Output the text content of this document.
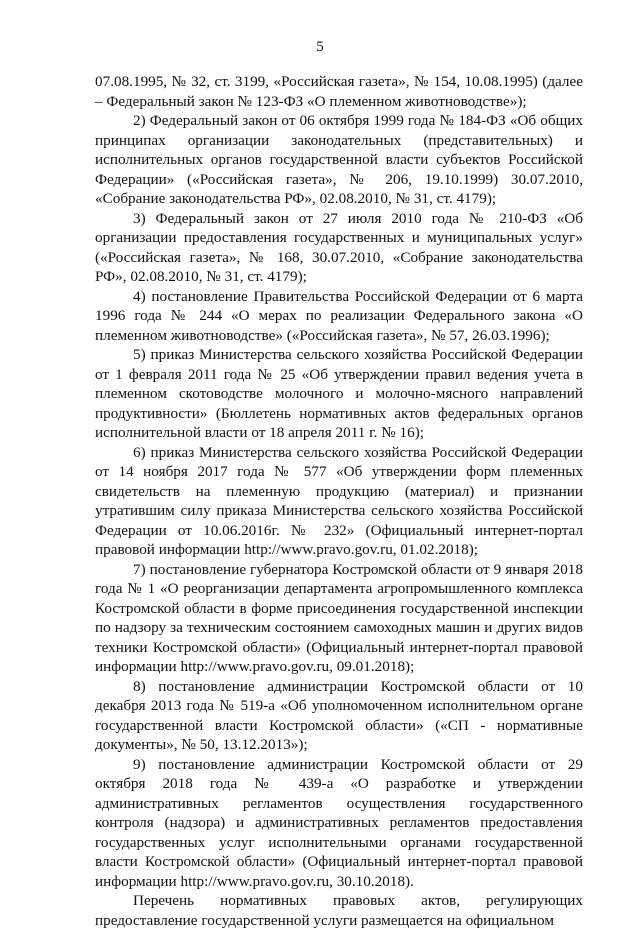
5

07.08.1995, № 32, ст. 3199, «Российская газета», № 154, 10.08.1995) (далее – Федеральный закон № 123-ФЗ «О племенном животноводстве»);

2) Федеральный закон от 06 октября 1999 года № 184-ФЗ «Об общих принципах организации законодательных (представительных) и исполнительных органов государственной власти субъектов Российской Федерации» («Российская газета», № 206, 19.10.1999) 30.07.2010, «Собрание законодательства РФ», 02.08.2010, № 31, ст. 4179);

3) Федеральный закон от 27 июля 2010 года № 210-ФЗ «Об организации предоставления государственных и муниципальных услуг» («Российская газета», № 168, 30.07.2010, «Собрание законодательства РФ», 02.08.2010, № 31, ст. 4179);

4) постановление Правительства Российской Федерации от 6 марта 1996 года № 244 «О мерах по реализации Федерального закона «О племенном животноводстве» («Российская газета», № 57, 26.03.1996);

5) приказ Министерства сельского хозяйства Российской Федерации от 1 февраля 2011 года № 25 «Об утверждении правил ведения учета в племенном скотоводстве молочного и молочно-мясного направлений продуктивности» (Бюллетень нормативных актов федеральных органов исполнительной власти от 18 апреля 2011 г. № 16);

6) приказ Министерства сельского хозяйства Российской Федерации от 14 ноября 2017 года № 577 «Об утверждении форм племенных свидетельств на племенную продукцию (материал) и признании утратившим силу приказа Министерства сельского хозяйства Российской Федерации от 10.06.2016г. № 232» (Официальный интернет-портал правовой информации http://www.pravo.gov.ru, 01.02.2018);

7) постановление губернатора Костромской области от 9 января 2018 года № 1 «О реорганизации департамента агропромышленного комплекса Костромской области в форме присоединения государственной инспекции по надзору за техническим состоянием самоходных машин и других видов техники Костромской области» (Официальный интернет-портал правовой информации http://www.pravo.gov.ru, 09.01.2018);

8) постановление администрации Костромской области от 10 декабря 2013 года № 519-а «Об уполномоченном исполнительном органе государственной власти Костромской области» («СП - нормативные документы», № 50, 13.12.2013»);

9) постановление администрации Костромской области от 29 октября 2018 года № 439-а «О разработке и утверждении административных регламентов осуществления государственного контроля (надзора) и административных регламентов предоставления государственных услуг исполнительными органами государственной власти Костромской области» (Официальный интернет-портал правовой информации http://www.pravo.gov.ru, 30.10.2018).

Перечень нормативных правовых актов, регулирующих предоставление государственной услуги размещается на официальном
